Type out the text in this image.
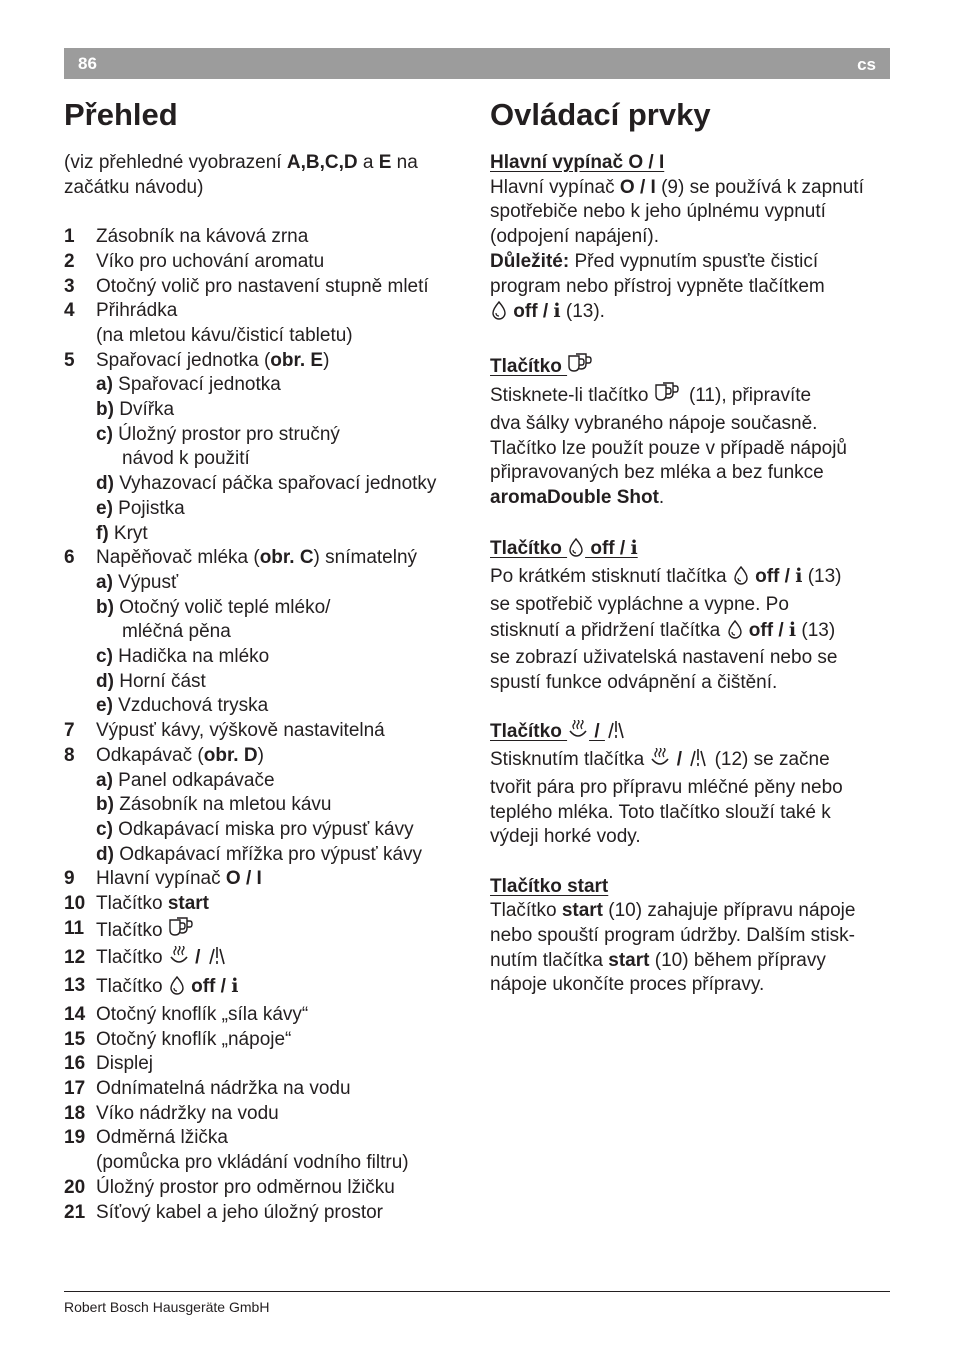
86	cs
Přehled	Ovládací prvky
(viz přehledné vyobrazení A,B,C,D a E na začátku návodu)
1	Zásobník na kávová zrna
2	Víko pro uchování aromatu
3	Otočný volič pro nastavení stupně mletí
4	Přihrádka
(na mletou kávu/čisticí tabletu)
5	Spařovací jednotka (obr. E)
a) Spařovací jednotka
b) Dvířka
c) Úložný prostor pro stručný
návod k použití
d) Vyhazovací páčka spařovací jednotky
e) Pojistka
f) Kryt
6	Napěňovač mléka (obr. C) snímatelný
a) Výpusť
b) Otočný volič teplé mléko/
mléčná pěna
c) Hadička na mléko
d) Horní část
e) Vzduchová tryska
7	Výpusť kávy, výškově nastavitelná
8	Odkapávač (obr. D)
a) Panel odkapávače
b) Zásobník na mletou kávu
c) Odkapávací miska pro výpusť kávy
d) Odkapávací mřížka pro výpusť kávy
9	Hlavní vypínač O / I
10 Tlačítko start
11 Tlačítko
12 Tlačítko  /
13 Tlačítko  off / i
14 Otočný knoflík „síla kávy“
15 Otočný knoflík „nápoje“
16 Displej
17 Odnímatelná nádržka na vodu
18 Víko nádržky na vodu
19 Odměrná lžička
(pomůcka pro vkládání vodního filtru)
20 Úložný prostor pro odměrnou lžičku
21 Síťový kabel a jeho úložný prostor
Hlavní vypínač O / I
Hlavní vypínač O / I (9) se používá k zapnutí
spotřebiče nebo k jeho úplnému vypnutí
(odpojení napájení).
Důležité: Před vypnutím spusťte čisticí
program nebo přístroj vypněte tlačítkem
off / i (13).
Tlačítko
Stisknete-li tlačítko  (11), připravíte
dva šálky vybraného nápoje současně.
Tlačítko lze použít pouze v případě nápojů
připravovaných bez mléka a bez funkce
aromaDouble Shot.
Tlačítko  off / i
Po krátkém stisknutí tlačítka  off / i (13)
se spotřebič vypláchne a vypne. Po
stisknutí a přidržení tlačítka  off / i (13)
se zobrazí uživatelská nastavení nebo se
spustí funkce odvápnění a čištění.
Tlačítko  /
Stisknutím tlačítka  /  (12) se začne
tvořit pára pro přípravu mléčné pěny nebo
teplého mléka. Toto tlačítko slouží také k
výdeji horké vody.
Tlačítko start
Tlačítko start (10) zahajuje přípravu nápoje
nebo spouští program údržby. Dalším stisk-
nutím tlačítka start (10) během přípravy
nápoje ukončíte proces přípravy.
Robert Bosch Hausgeräte GmbH
